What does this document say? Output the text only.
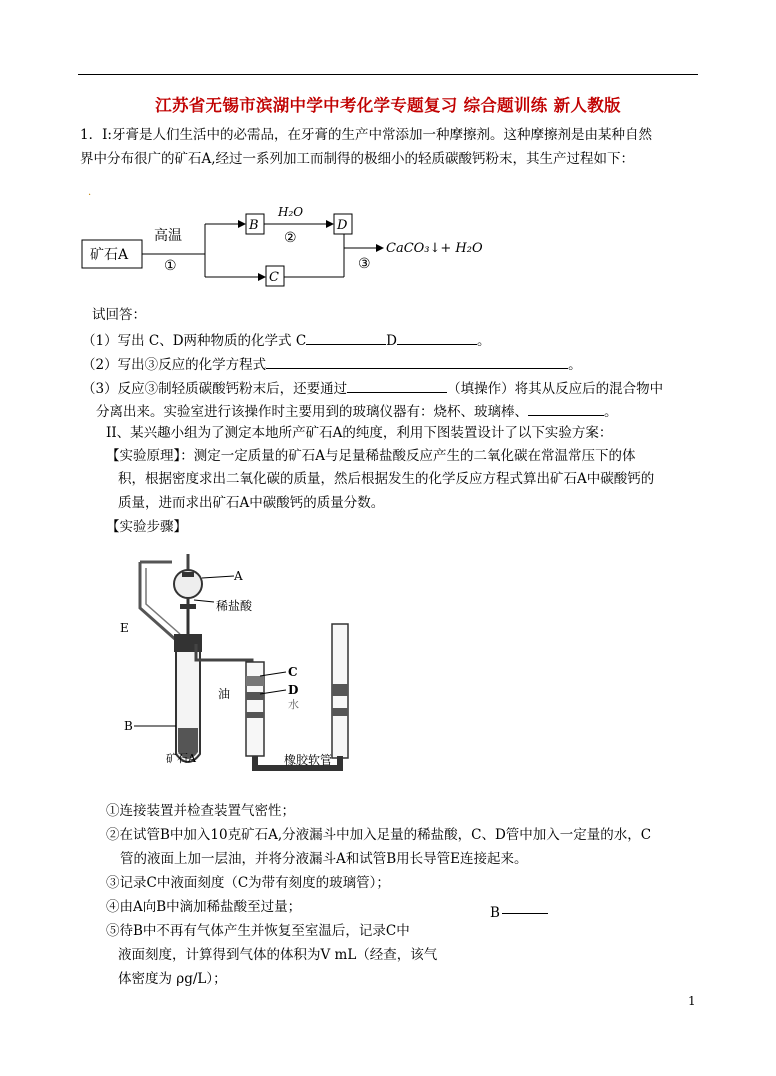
江苏省无锡市滨湖中学中考化学专题复习 综合题训练 新人教版
1．I:牙膏是人们生活中的必需品，在牙膏的生产中常添加一种摩擦剂。这种摩擦剂是由某种自然
界中分布很广的矿石A,经过一系列加工而制得的极细小的轻质碳酸钙粉末，其生产过程如下：
.
矿石A
高温
①
B
C
H₂O
②
D
③
CaCO₃↓+ H₂O
试回答：
（1）写出 C、D两种物质的化学式 C	D	。
（2）写出③反应的化学方程式	。
（3）反应③制轻质碳酸钙粉末后，还要通过	（填操作）将其从反应后的混合物中
分离出来。实验室进行该操作时主要用到的玻璃仪器有：烧杯、玻璃棒、	。
II、某兴趣小组为了测定本地所产矿石A的纯度，利用下图装置设计了以下实验方案：
【实验原理】：测定一定质量的矿石A与足量稀盐酸反应产生的二氧化碳在常温常压下的体
积，根据密度求出二氧化碳的质量，然后根据发生的化学反应方程式算出矿石A中碳酸钙的
质量，进而求出矿石A中碳酸钙的质量分数。
【实验步骤】
A
稀盐酸
E
B
矿石A
油
C
D
水
橡胶软管
①连接装置并检查装置气密性；
②在试管B中加入10克矿石A,分液漏斗中加入足量的稀盐酸，C、D管中加入一定量的水，C
管的液面上加一层油，并将分液漏斗A和试管B用长导管E连接起来。
③记录C中液面刻度（C为带有刻度的玻璃管）；
④由A向B中滴加稀盐酸至过量；	B
⑤待B中不再有气体产生并恢复至室温后，记录C中
液面刻度，计算得到气体的体积为V mL（经查，该气
体密度为 ρg/L）；
1
